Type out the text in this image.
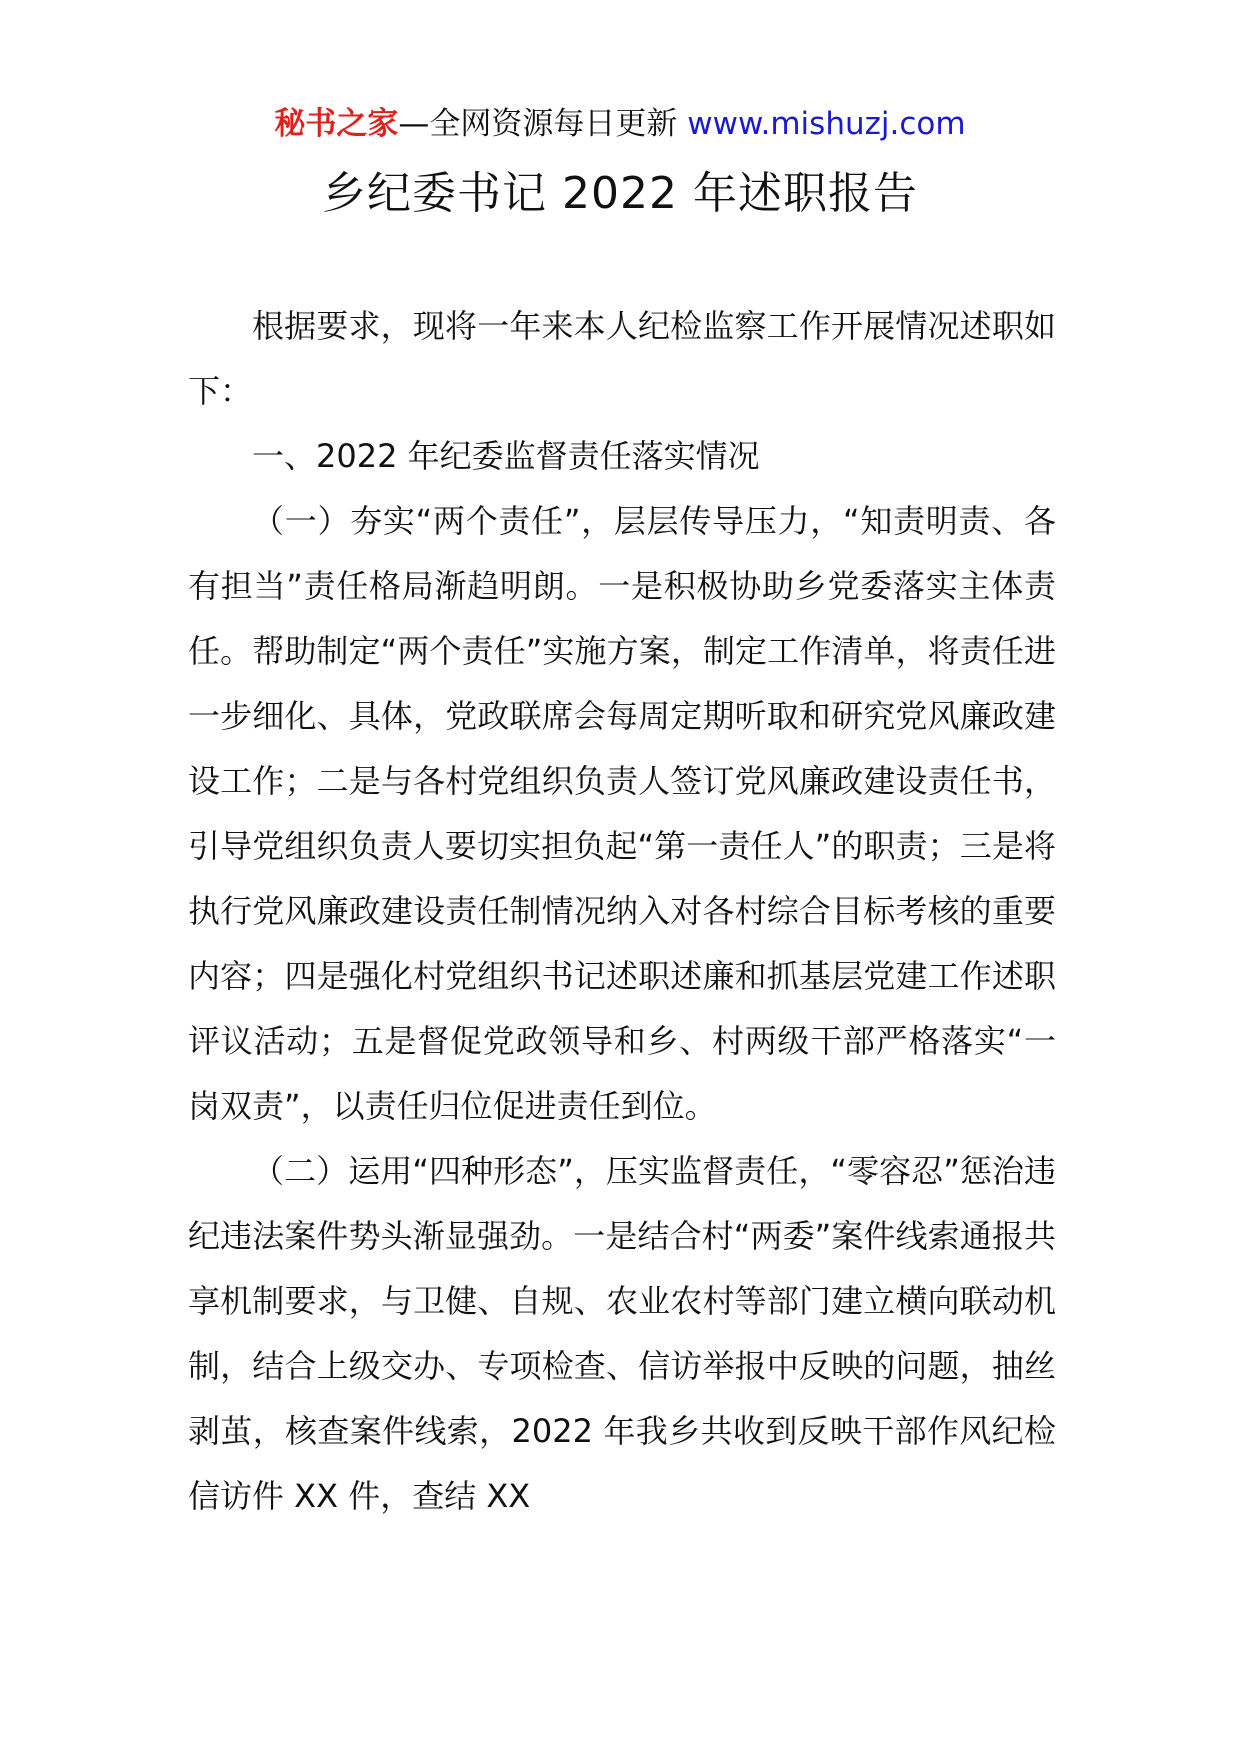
秘书之家—全网资源每日更新 www.mishuzj.com
乡纪委书记 2022 年述职报告

根据要求，现将一年来本人纪检监察工作开展情况述职如下：

一、2022 年纪委监督责任落实情况

（一）夯实“两个责任”，层层传导压力，“知责明责、各有担当”责任格局渐趋明朗。一是积极协助乡党委落实主体责任。帮助制定“两个责任”实施方案，制定工作清单，将责任进一步细化、具体，党政联席会每周定期听取和研究党风廉政建设工作；二是与各村党组织负责人签订党风廉政建设责任书，引导党组织负责人要切实担负起“第一责任人”的职责；三是将执行党风廉政建设责任制情况纳入对各村综合目标考核的重要内容；四是强化村党组织书记述职述廉和抓基层党建工作述职评议活动；五是督促党政领导和乡、村两级干部严格落实“一岗双责”，以责任归位促进责任到位。

（二）运用“四种形态”，压实监督责任，“零容忍”惩治违纪违法案件势头渐显强劲。一是结合村“两委”案件线索通报共享机制要求，与卫健、自规、农业农村等部门建立横向联动机制，结合上级交办、专项检查、信访举报中反映的问题，抽丝剥茧，核查案件线索，2022 年我乡共收到反映干部作风纪检信访件 XX 件，查结 XX
